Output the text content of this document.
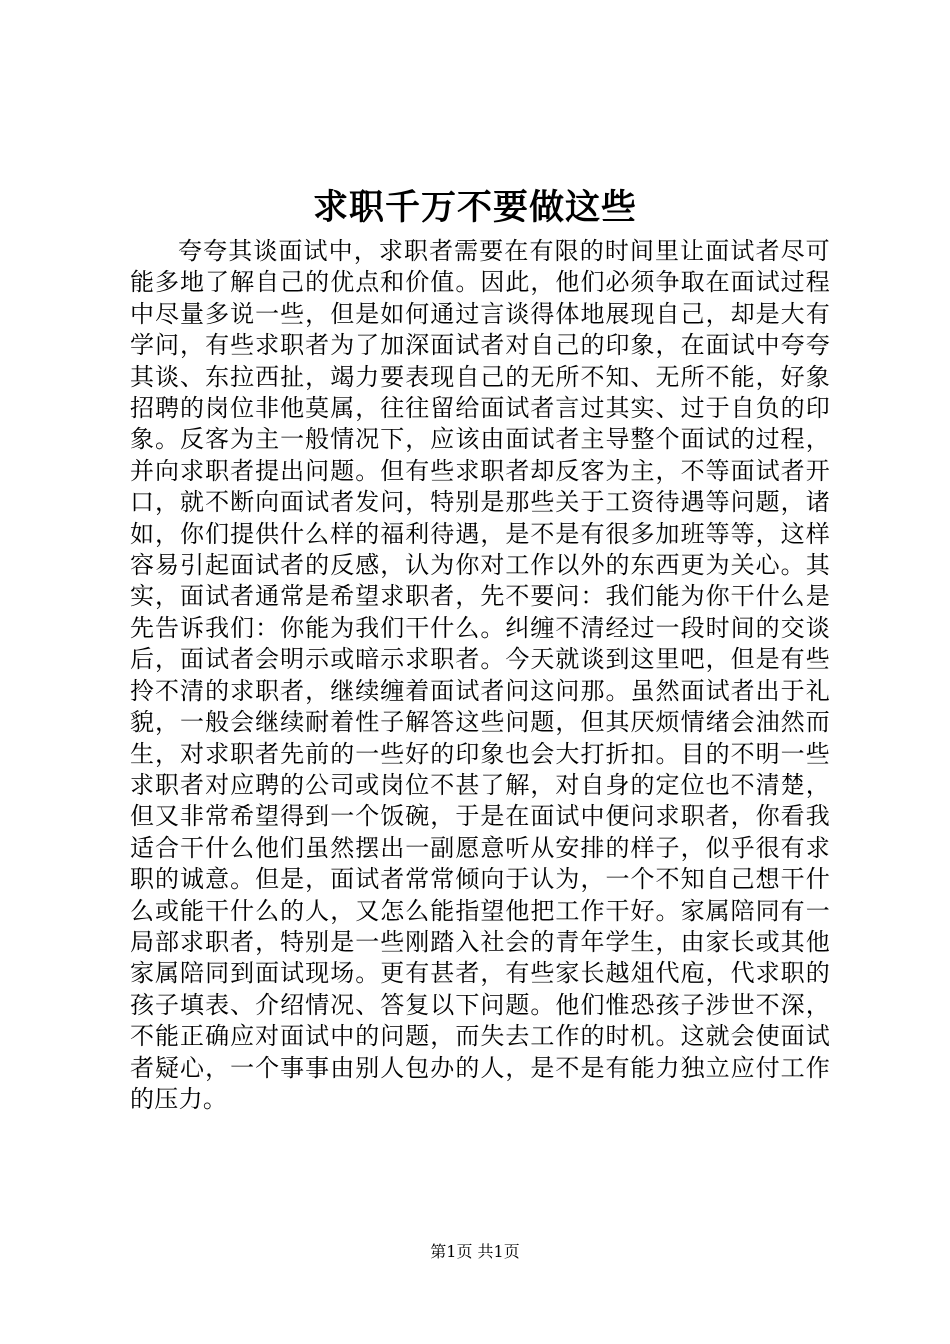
求职千万不要做这些

夸夸其谈面试中，求职者需要在有限的时间里让面试者尽可能多地了解自己的优点和价值。因此，他们必须争取在面试过程中尽量多说一些，但是如何通过言谈得体地展现自己，却是大有学问，有些求职者为了加深面试者对自己的印象，在面试中夸夸其谈、东拉西扯，竭力要表现自己的无所不知、无所不能，好象招聘的岗位非他莫属，往往留给面试者言过其实、过于自负的印象。反客为主一般情况下，应该由面试者主导整个面试的过程，并向求职者提出问题。但有些求职者却反客为主，不等面试者开口，就不断向面试者发问，特别是那些关于工资待遇等问题，诸如，你们提供什么样的福利待遇，是不是有很多加班等等，这样容易引起面试者的反感，认为你对工作以外的东西更为关心。其实，面试者通常是希望求职者，先不要问：我们能为你干什么是先告诉我们：你能为我们干什么。纠缠不清经过一段时间的交谈后，面试者会明示或暗示求职者。今天就谈到这里吧，但是有些拎不清的求职者，继续缠着面试者问这问那。虽然面试者出于礼貌，一般会继续耐着性子解答这些问题，但其厌烦情绪会油然而生，对求职者先前的一些好的印象也会大打折扣。目的不明一些求职者对应聘的公司或岗位不甚了解，对自身的定位也不清楚，但又非常希望得到一个饭碗，于是在面试中便问求职者，你看我适合干什么他们虽然摆出一副愿意听从安排的样子，似乎很有求职的诚意。但是，面试者常常倾向于认为，一个不知自己想干什么或能干什么的人，又怎么能指望他把工作干好。家属陪同有一局部求职者，特别是一些刚踏入社会的青年学生，由家长或其他家属陪同到面试现场。更有甚者，有些家长越俎代庖，代求职的孩子填表、介绍情况、答复以下问题。他们惟恐孩子涉世不深，不能正确应对面试中的问题，而失去工作的时机。这就会使面试者疑心，一个事事由别人包办的人，是不是有能力独立应付工作的压力。

第1页 共1页
